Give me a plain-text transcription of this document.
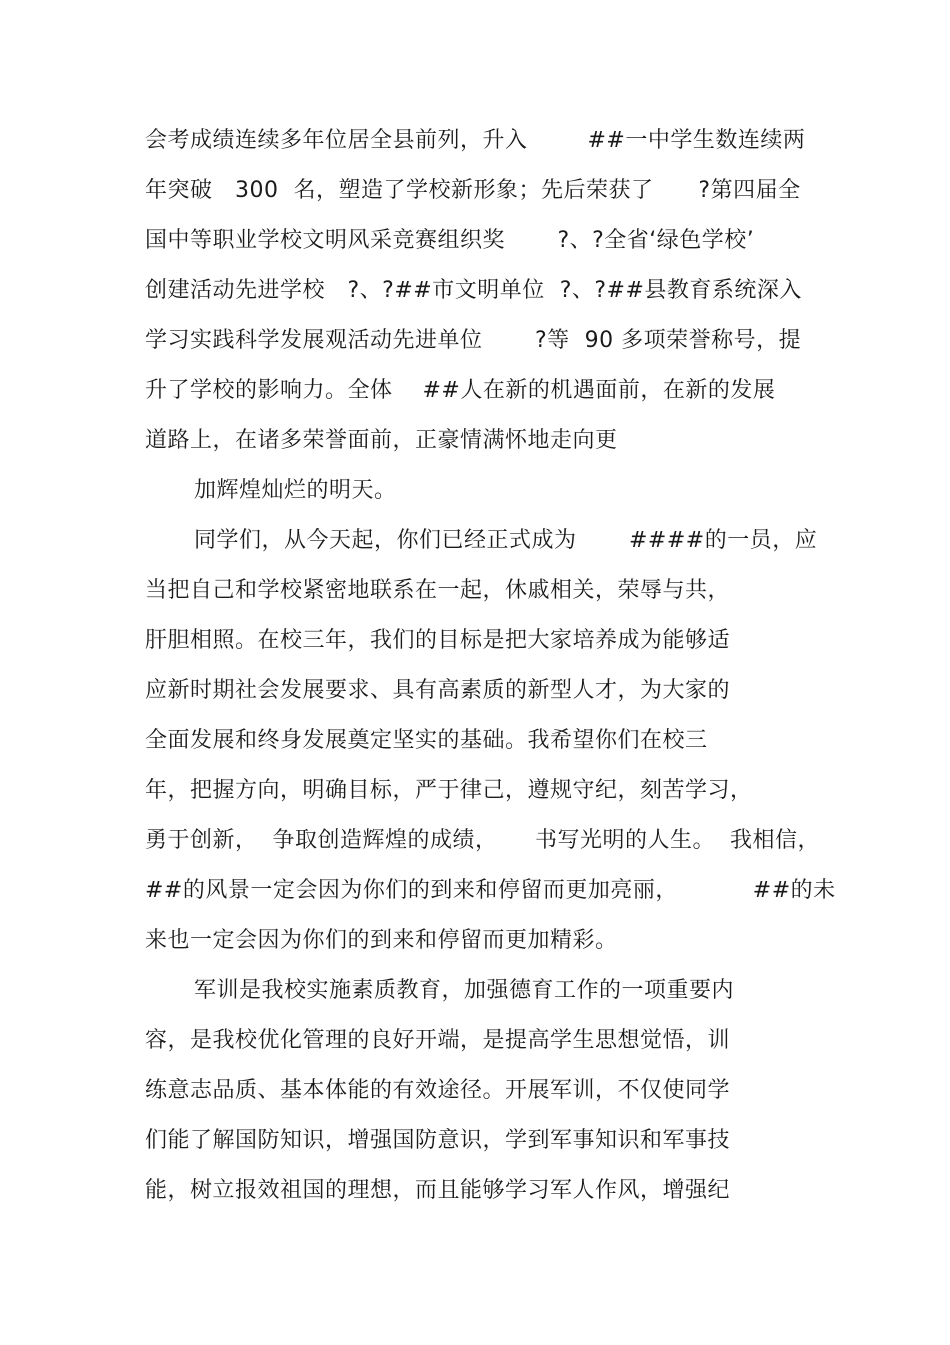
会考成绩连续多年位居全县前列，升入        ##一中学生数连续两
年突破   300  名，塑造了学校新形象；先后荣获了      ?第四届全
国中等职业学校文明风采竞赛组织奖       ?、?全省‘绿色学校’
创建活动先进学校   ?、?##市文明单位  ?、?##县教育系统深入
学习实践科学发展观活动先进单位       ?等  90 多项荣誉称号，提
升了学校的影响力。全体    ##人在新的机遇面前，在新的发展
道路上，在诸多荣誉面前，正豪情满怀地走向更
加辉煌灿烂的明天。
同学们，从今天起，你们已经正式成为       ####的一员，应
当把自己和学校紧密地联系在一起，休戚相关，荣辱与共，
肝胆相照。在校三年，我们的目标是把大家培养成为能够适
应新时期社会发展要求、具有高素质的新型人才，为大家的
全面发展和终身发展奠定坚实的基础。我希望你们在校三
年，把握方向，明确目标，严于律己，遵规守纪，刻苦学习，
勇于创新，  争取创造辉煌的成绩，     书写光明的人生。  我相信，
##的风景一定会因为你们的到来和停留而更加亮丽，          ##的未
来也一定会因为你们的到来和停留而更加精彩。
军训是我校实施素质教育，加强德育工作的一项重要内
容，是我校优化管理的良好开端，是提高学生思想觉悟，训
练意志品质、基本体能的有效途径。开展军训，不仅使同学
们能了解国防知识，增强国防意识，学到军事知识和军事技
能，树立报效祖国的理想，而且能够学习军人作风，增强纪
